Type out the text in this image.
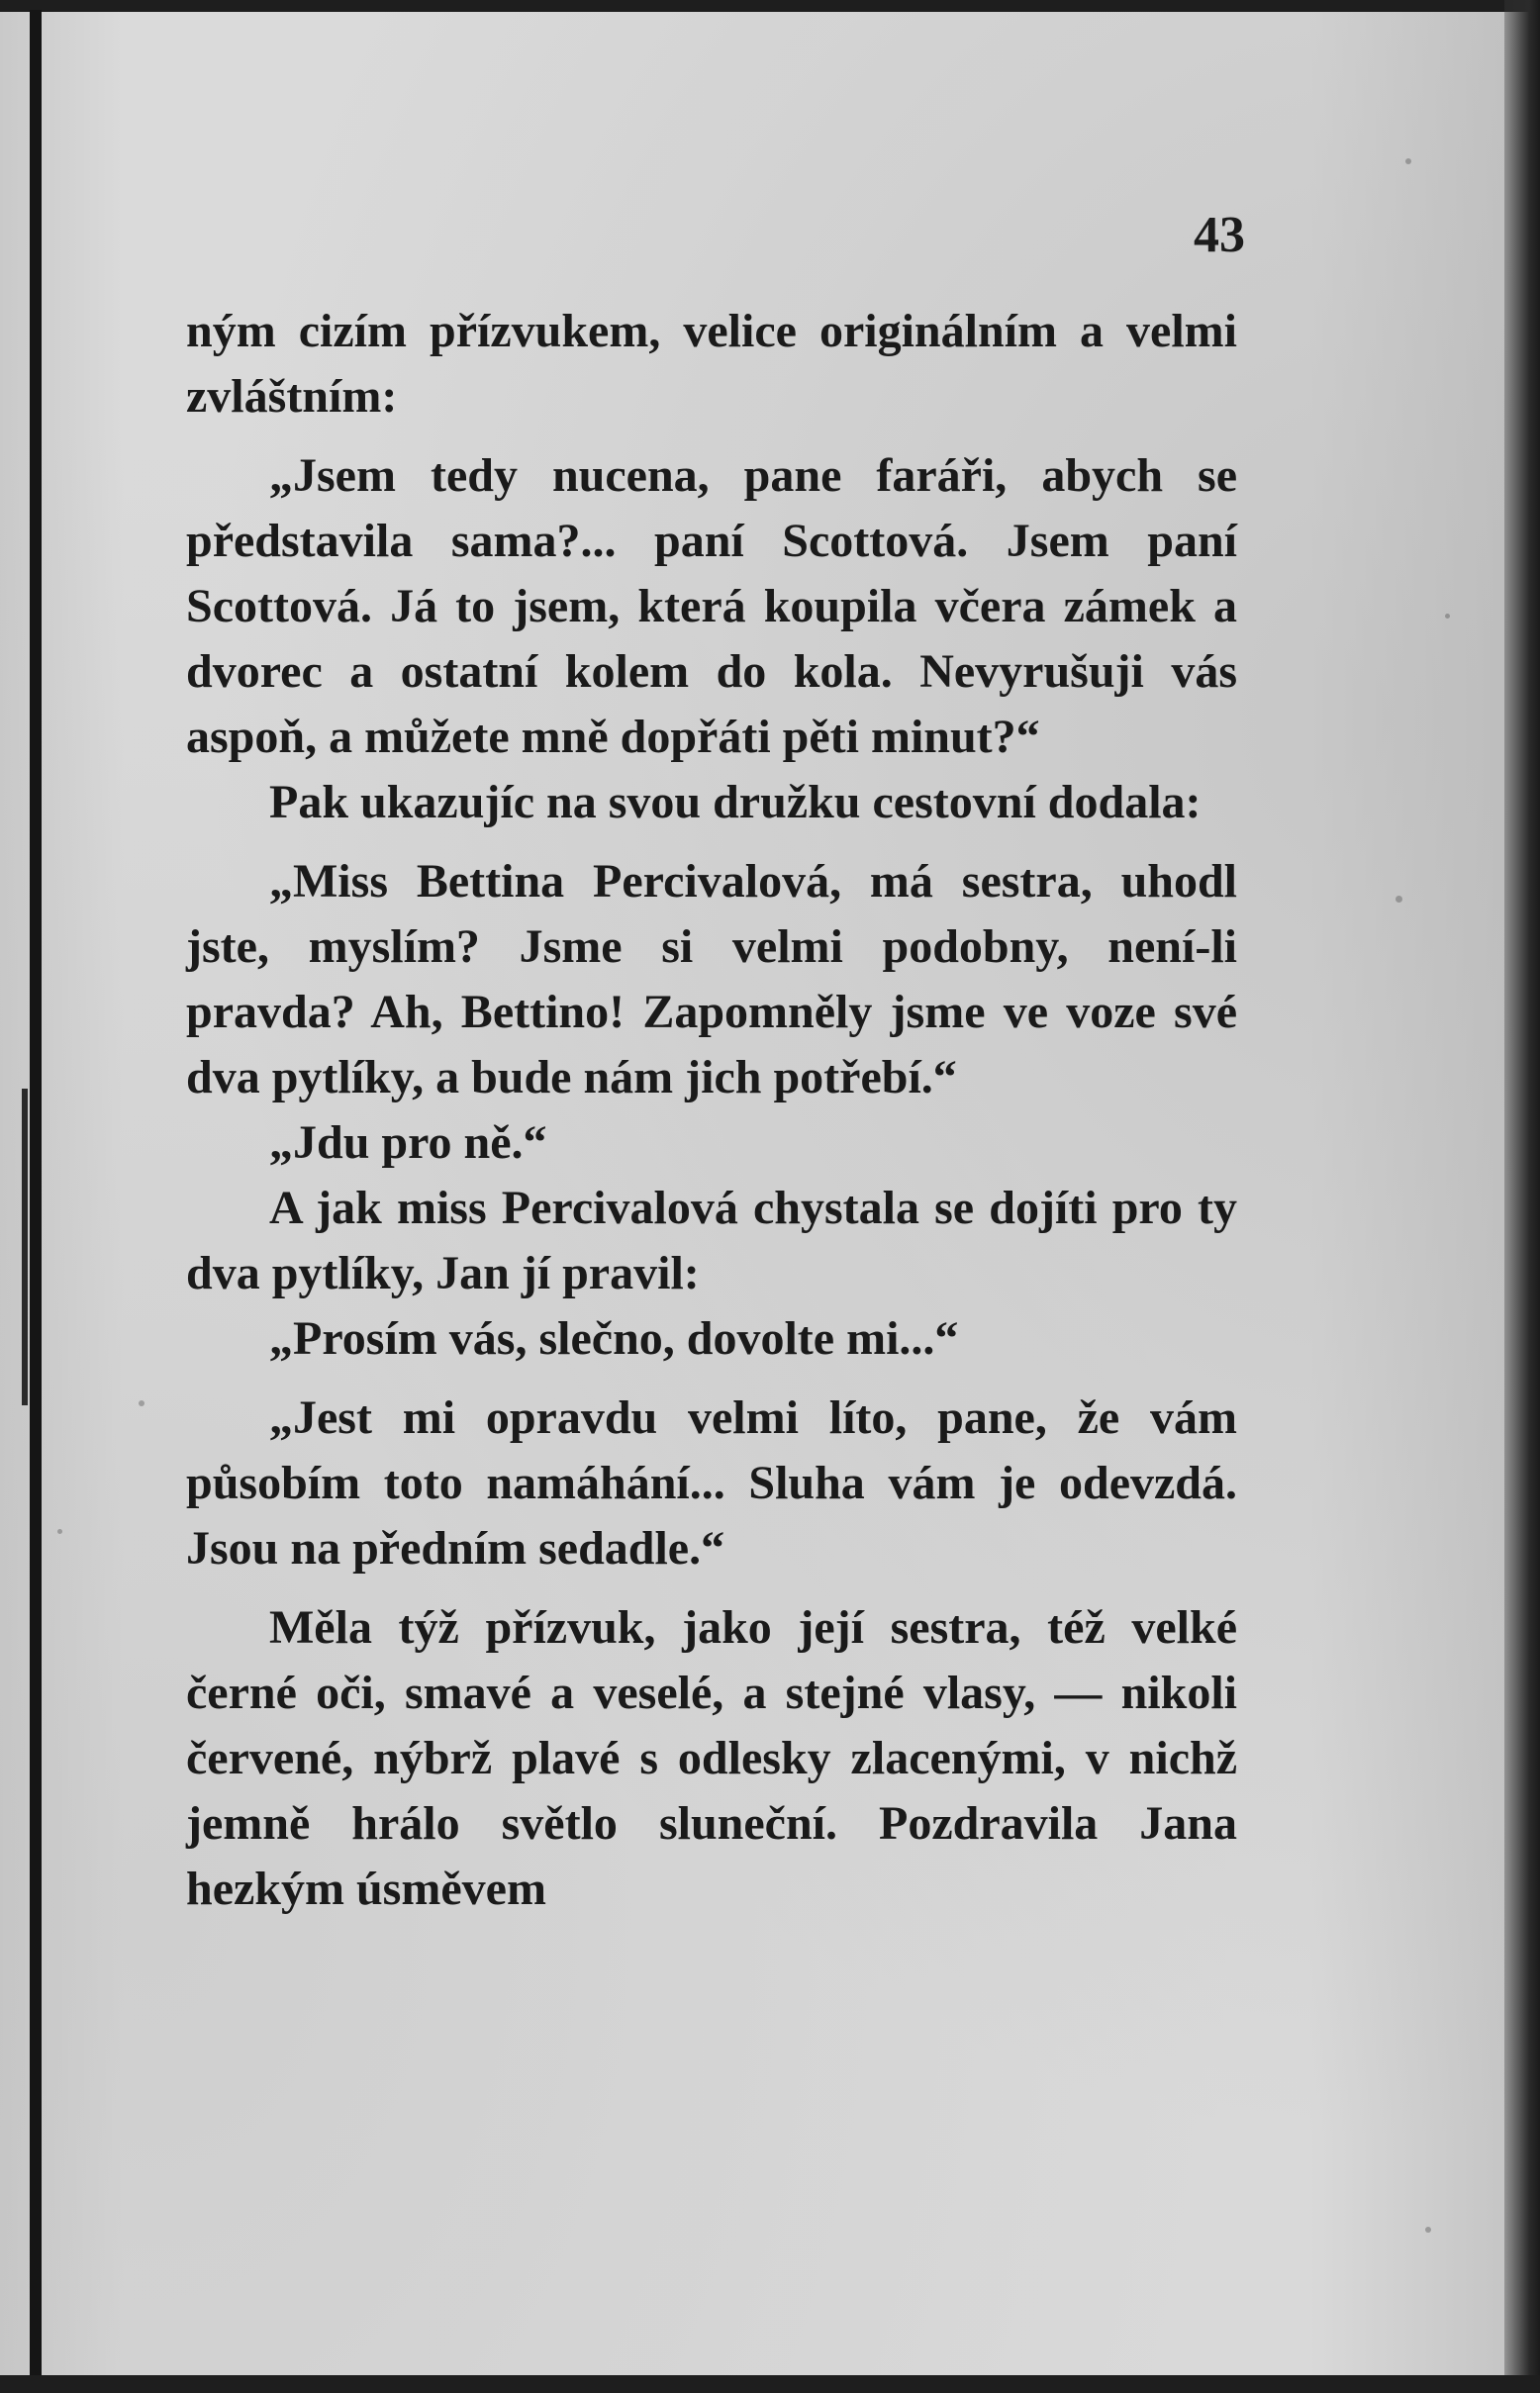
43

ným cizím přízvukem, velice originálním a velmi zvláštním:

„Jsem tedy nucena, pane faráři, abych se představila sama?... paní Scottová. Jsem paní Scottová. Já to jsem, která koupila včera zámek a dvorec a ostatní kolem do kola. Nevyrušuji vás aspoň, a můžete mně dopřáti pěti minut?“

Pak ukazujíc na svou družku cestovní dodala:

„Miss Bettina Percivalová, má sestra, uhodl jste, myslím? Jsme si velmi podobny, není-li pravda? Ah, Bettino! Zapomněly jsme ve voze své dva pytlíky, a bude nám jich potřebí.“

„Jdu pro ně.“

A jak miss Percivalová chystala se dojíti pro ty dva pytlíky, Jan jí pravil:

„Prosím vás, slečno, dovolte mi...“

„Jest mi opravdu velmi líto, pane, že vám působím toto namáhání... Sluha vám je odevzdá. Jsou na předním sedadle.“

Měla týž přízvuk, jako její sestra, též velké černé oči, smavé a veselé, a stejné vlasy, — nikoli červené, nýbrž plavé s odlesky zlacenými, v nichž jemně hrálo světlo sluneční. Pozdravila Jana hezkým úsměvem
